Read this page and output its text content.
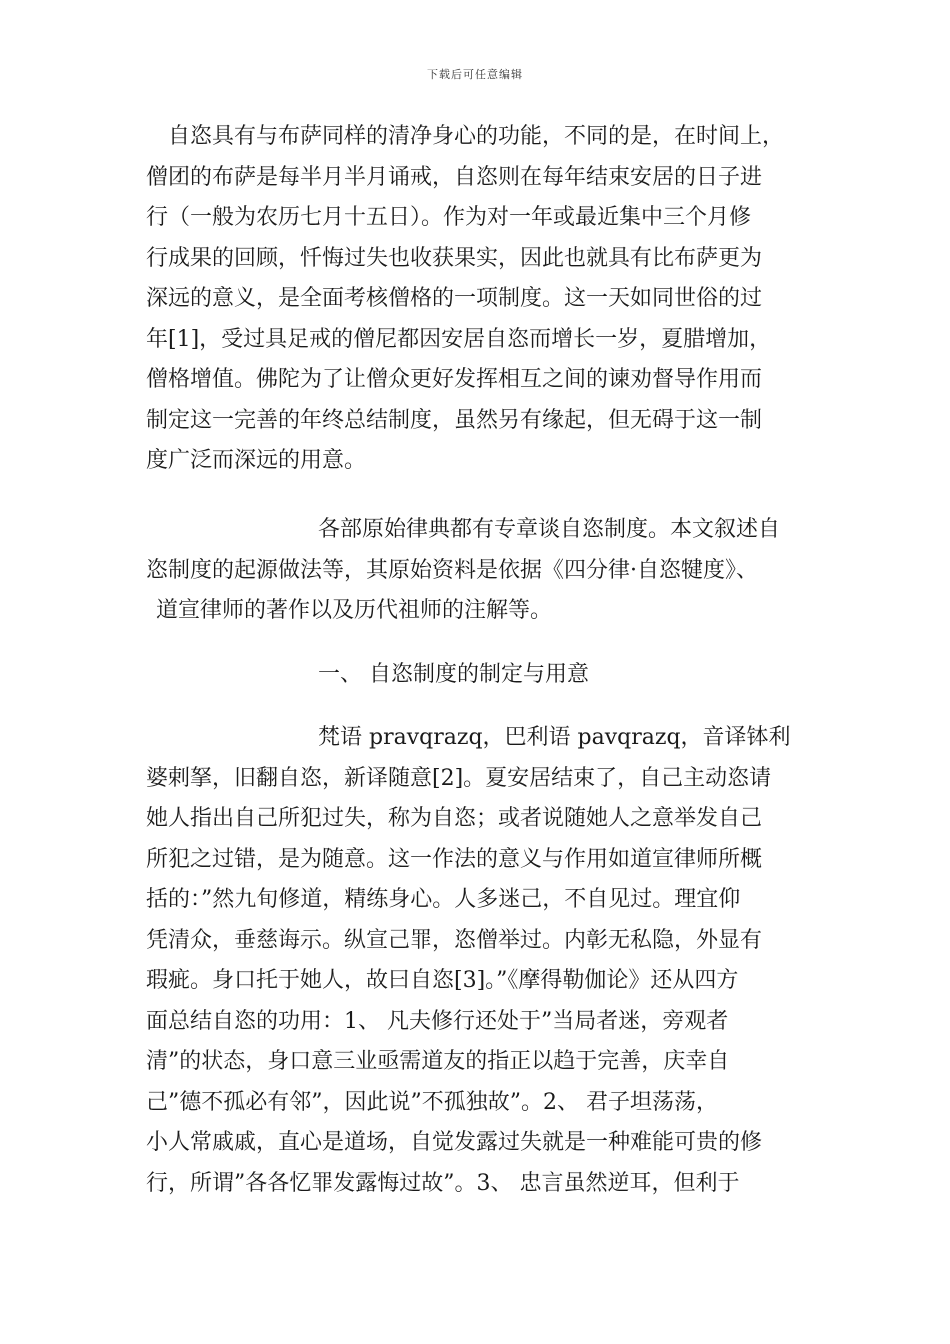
下载后可任意编辑
自恣具有与布萨同样的清净身心的功能，不同的是，在时间上，
僧团的布萨是每半月半月诵戒，自恣则在每年结束安居的日子进
行（一般为农历七月十五日）。作为对一年或最近集中三个月修
行成果的回顾，忏悔过失也收获果实，因此也就具有比布萨更为
深远的意义，是全面考核僧格的一项制度。这一天如同世俗的过
年[1]，受过具足戒的僧尼都因安居自恣而增长一岁，夏腊增加，
僧格增值。佛陀为了让僧众更好发挥相互之间的谏劝督导作用而
制定这一完善的年终总结制度，虽然另有缘起，但无碍于这一制
度广泛而深远的用意。
各部原始律典都有专章谈自恣制度。本文叙述自
恣制度的起源做法等，其原始资料是依据《四分律·自恣犍度》、
道宣律师的著作以及历代祖师的注解等。
一、 自恣制度的制定与用意
梵语 pravqrazq，巴利语 pavqrazq，音译钵利
婆剌拏，旧翻自恣，新译随意[2]。夏安居结束了，自己主动恣请
她人指出自己所犯过失，称为自恣；或者说随她人之意举发自己
所犯之过错，是为随意。这一作法的意义与作用如道宣律师所概
括的：”然九旬修道，精练身心。人多迷己，不自见过。理宜仰
凭清众，垂慈诲示。纵宣己罪，恣僧举过。内彰无私隐，外显有
瑕疵。身口托于她人，故曰自恣[3]。”《摩得勒伽论》还从四方
面总结自恣的功用：1、 凡夫修行还处于”当局者迷，旁观者
清”的状态，身口意三业亟需道友的指正以趋于完善，庆幸自
己”德不孤必有邻”，因此说”不孤独故”。2、 君子坦荡荡，
小人常戚戚，直心是道场，自觉发露过失就是一种难能可贵的修
行，所谓”各各忆罪发露悔过故”。3、 忠言虽然逆耳，但利于
